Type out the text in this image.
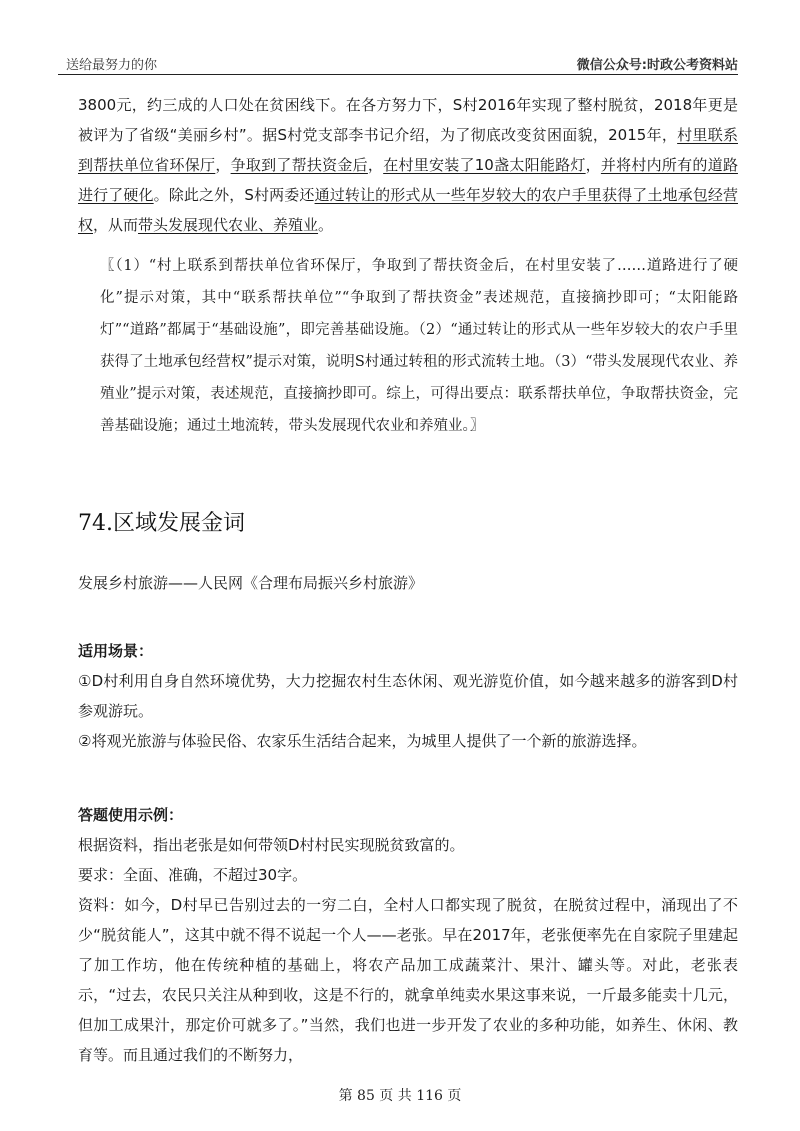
送给最努力的你	微信公众号:时政公考资料站

3800元，约三成的人口处在贫困线下。在各方努力下，S村2016年实现了整村脱贫，2018年更是被评为了省级“美丽乡村”。据S村党支部李书记介绍，为了彻底改变贫困面貌，2015年，村里联系到帮扶单位省环保厅，争取到了帮扶资金后，在村里安装了10盏太阳能路灯，并将村内所有的道路进行了硬化。除此之外，S村两委还通过转让的形式从一些年岁较大的农户手里获得了土地承包经营权，从而带头发展现代农业、养殖业。

〖（1）“村上联系到帮扶单位省环保厅，争取到了帮扶资金后，在村里安装了……道路进行了硬化”提示对策，其中“联系帮扶单位”“争取到了帮扶资金”表述规范，直接摘抄即可；“太阳能路灯”“道路”都属于“基础设施”，即完善基础设施。（2）“通过转让的形式从一些年岁较大的农户手里获得了土地承包经营权”提示对策，说明S村通过转租的形式流转土地。（3）“带头发展现代农业、养殖业”提示对策，表述规范，直接摘抄即可。综上，可得出要点：联系帮扶单位，争取帮扶资金，完善基础设施；通过土地流转，带头发展现代农业和养殖业。〗

74.区域发展金词

发展乡村旅游——人民网《合理布局振兴乡村旅游》

适用场景：

①D村利用自身自然环境优势，大力挖掘农村生态休闲、观光游览价值，如今越来越多的游客到D村参观游玩。

②将观光旅游与体验民俗、农家乐生活结合起来，为城里人提供了一个新的旅游选择。

答题使用示例：

根据资料，指出老张是如何带领D村村民实现脱贫致富的。

要求：全面、准确，不超过30字。

资料：如今，D村早已告别过去的一穷二白，全村人口都实现了脱贫，在脱贫过程中，涌现出了不少“脱贫能人”，这其中就不得不说起一个人——老张。早在2017年，老张便率先在自家院子里建起了加工作坊，他在传统种植的基础上，将农产品加工成蔬菜汁、果汁、罐头等。对此，老张表示，“过去，农民只关注从种到收，这是不行的，就拿单纯卖水果这事来说，一斤最多能卖十几元，但加工成果汁，那定价可就多了。”当然，我们也进一步开发了农业的多种功能，如养生、休闲、教育等。而且通过我们的不断努力，

第 85 页 共 116 页
